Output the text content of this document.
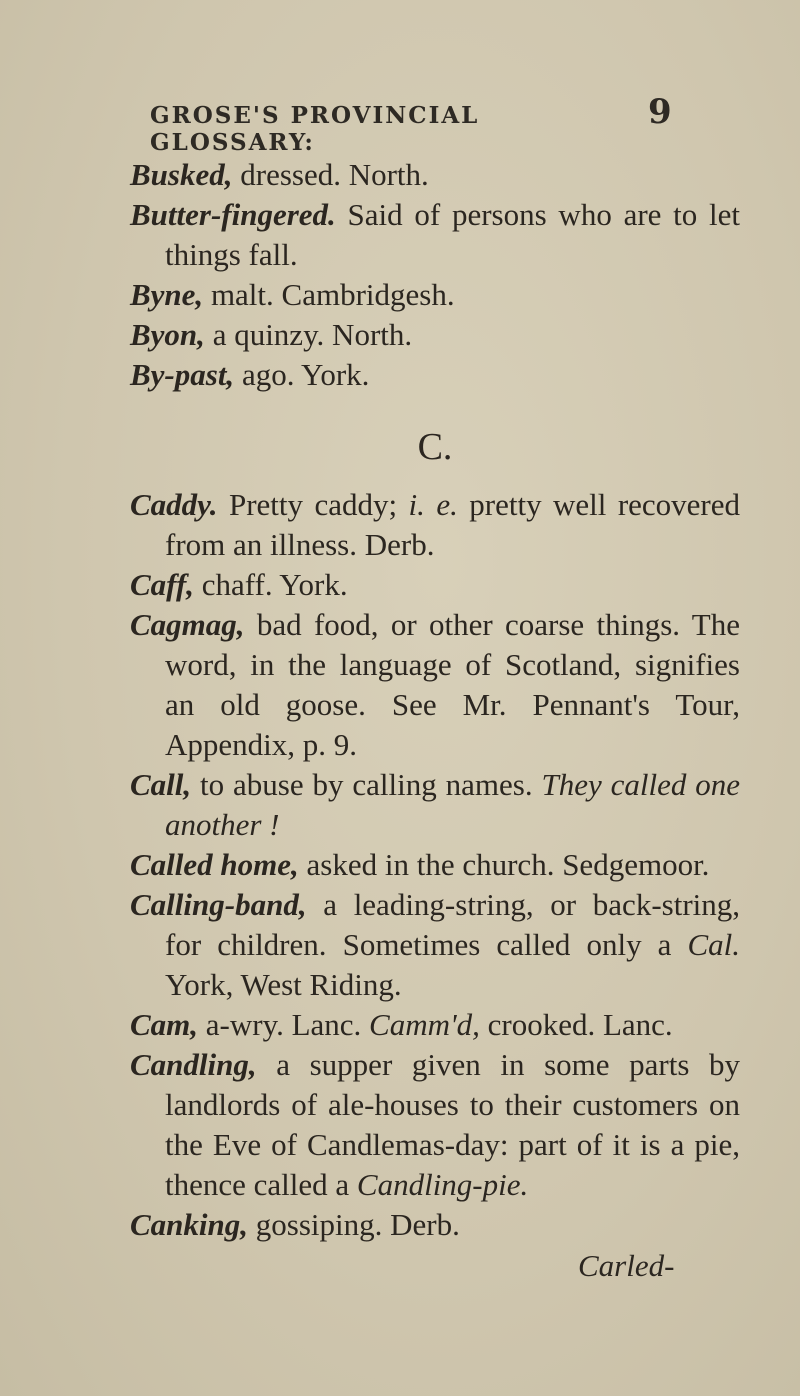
GROSE'S PROVINCIAL GLOSSARY:
9

Busked, dressed. North.

Butter-fingered. Said of persons who are to let things fall.

Byne, malt. Cambridgesh.

Byon, a quinzy. North.

By-past, ago. York.

C.

Caddy. Pretty caddy; i. e. pretty well recovered from an illness. Derb.

Caff, chaff. York.

Cagmag, bad food, or other coarse things. The word, in the language of Scotland, signifies an old goose. See Mr. Pennant's Tour, Appendix, p. 9.

Call, to abuse by calling names. They called one another !

Called home, asked in the church. Sedgemoor.

Calling-band, a leading-string, or back-string, for children. Sometimes called only a Cal. York, West Riding.

Cam, a-wry. Lanc. Camm'd, crooked. Lanc.

Candling, a supper given in some parts by landlords of ale-houses to their customers on the Eve of Candlemas-day: part of it is a pie, thence called a Candling-pie.

Canking, gossiping. Derb.

Carled-
